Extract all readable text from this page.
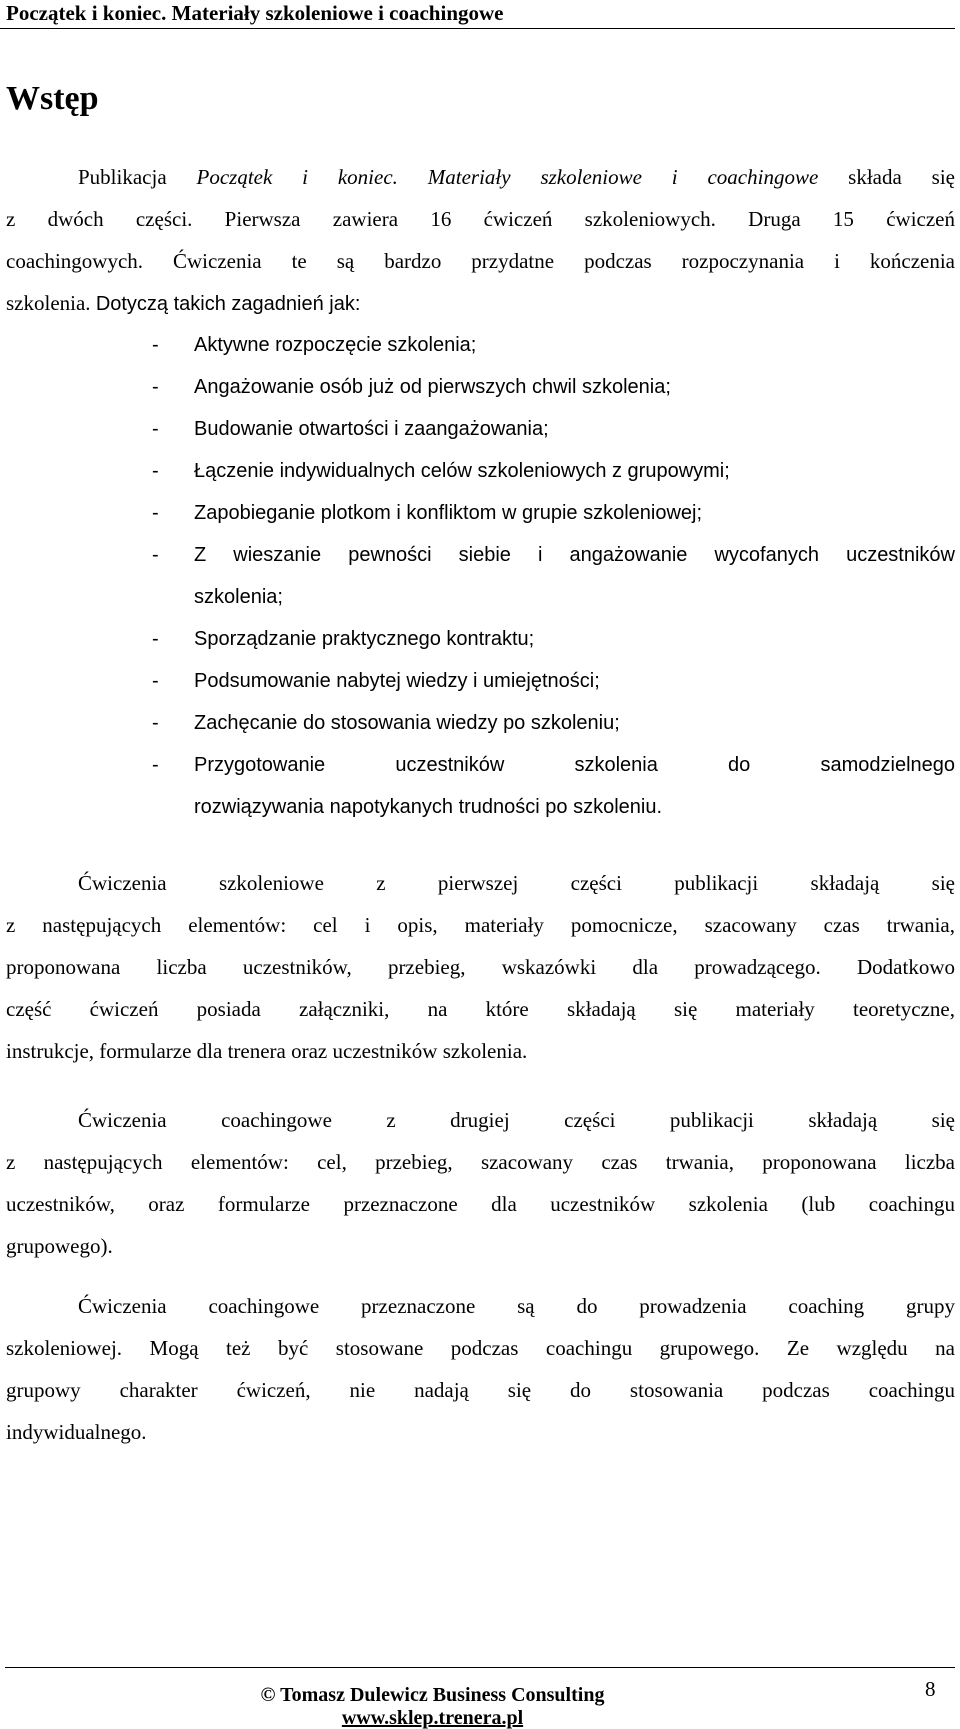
Początek i koniec. Materiały szkoleniowe i coachingowe
Wstęp
Publikacja Początek i koniec. Materiały szkoleniowe i coachingowe składa się
z dwóch części. Pierwsza zawiera 16 ćwiczeń szkoleniowych. Druga 15 ćwiczeń
coachingowych. Ćwiczenia te są bardzo przydatne podczas rozpoczynania i kończenia
szkolenia. Dotyczą takich zagadnień jak:
- Aktywne rozpoczęcie szkolenia;
- Angażowanie osób już od pierwszych chwil szkolenia;
- Budowanie otwartości i zaangażowania;
- Łączenie indywidualnych celów szkoleniowych z grupowymi;
- Zapobieganie plotkom i konfliktom w grupie szkoleniowej;
- Z wieszanie pewności siebie i angażowanie wycofanych uczestników
szkolenia;
- Sporządzanie praktycznego kontraktu;
- Podsumowanie nabytej wiedzy i umiejętności;
- Zachęcanie do stosowania wiedzy po szkoleniu;
- Przygotowanie uczestników szkolenia do samodzielnego
rozwiązywania napotykanych trudności po szkoleniu.
Ćwiczenia szkoleniowe z pierwszej części publikacji składają się
z następujących elementów: cel i opis, materiały pomocnicze, szacowany czas trwania,
proponowana liczba uczestników, przebieg, wskazówki dla prowadzącego. Dodatkowo
część ćwiczeń posiada załączniki, na które składają się materiały teoretyczne,
instrukcje, formularze dla trenera oraz uczestników szkolenia.
Ćwiczenia coachingowe z drugiej części publikacji składają się
z następujących elementów: cel, przebieg, szacowany czas trwania, proponowana liczba
uczestników, oraz formularze przeznaczone dla uczestników szkolenia (lub coachingu
grupowego).
Ćwiczenia coachingowe przeznaczone są do prowadzenia coaching grupy
szkoleniowej. Mogą też być stosowane podczas coachingu grupowego. Ze względu na
grupowy charakter ćwiczeń, nie nadają się do stosowania podczas coachingu
indywidualnego.
© Tomasz Dulewicz Business Consulting
www.sklep.trenera.pl
8
